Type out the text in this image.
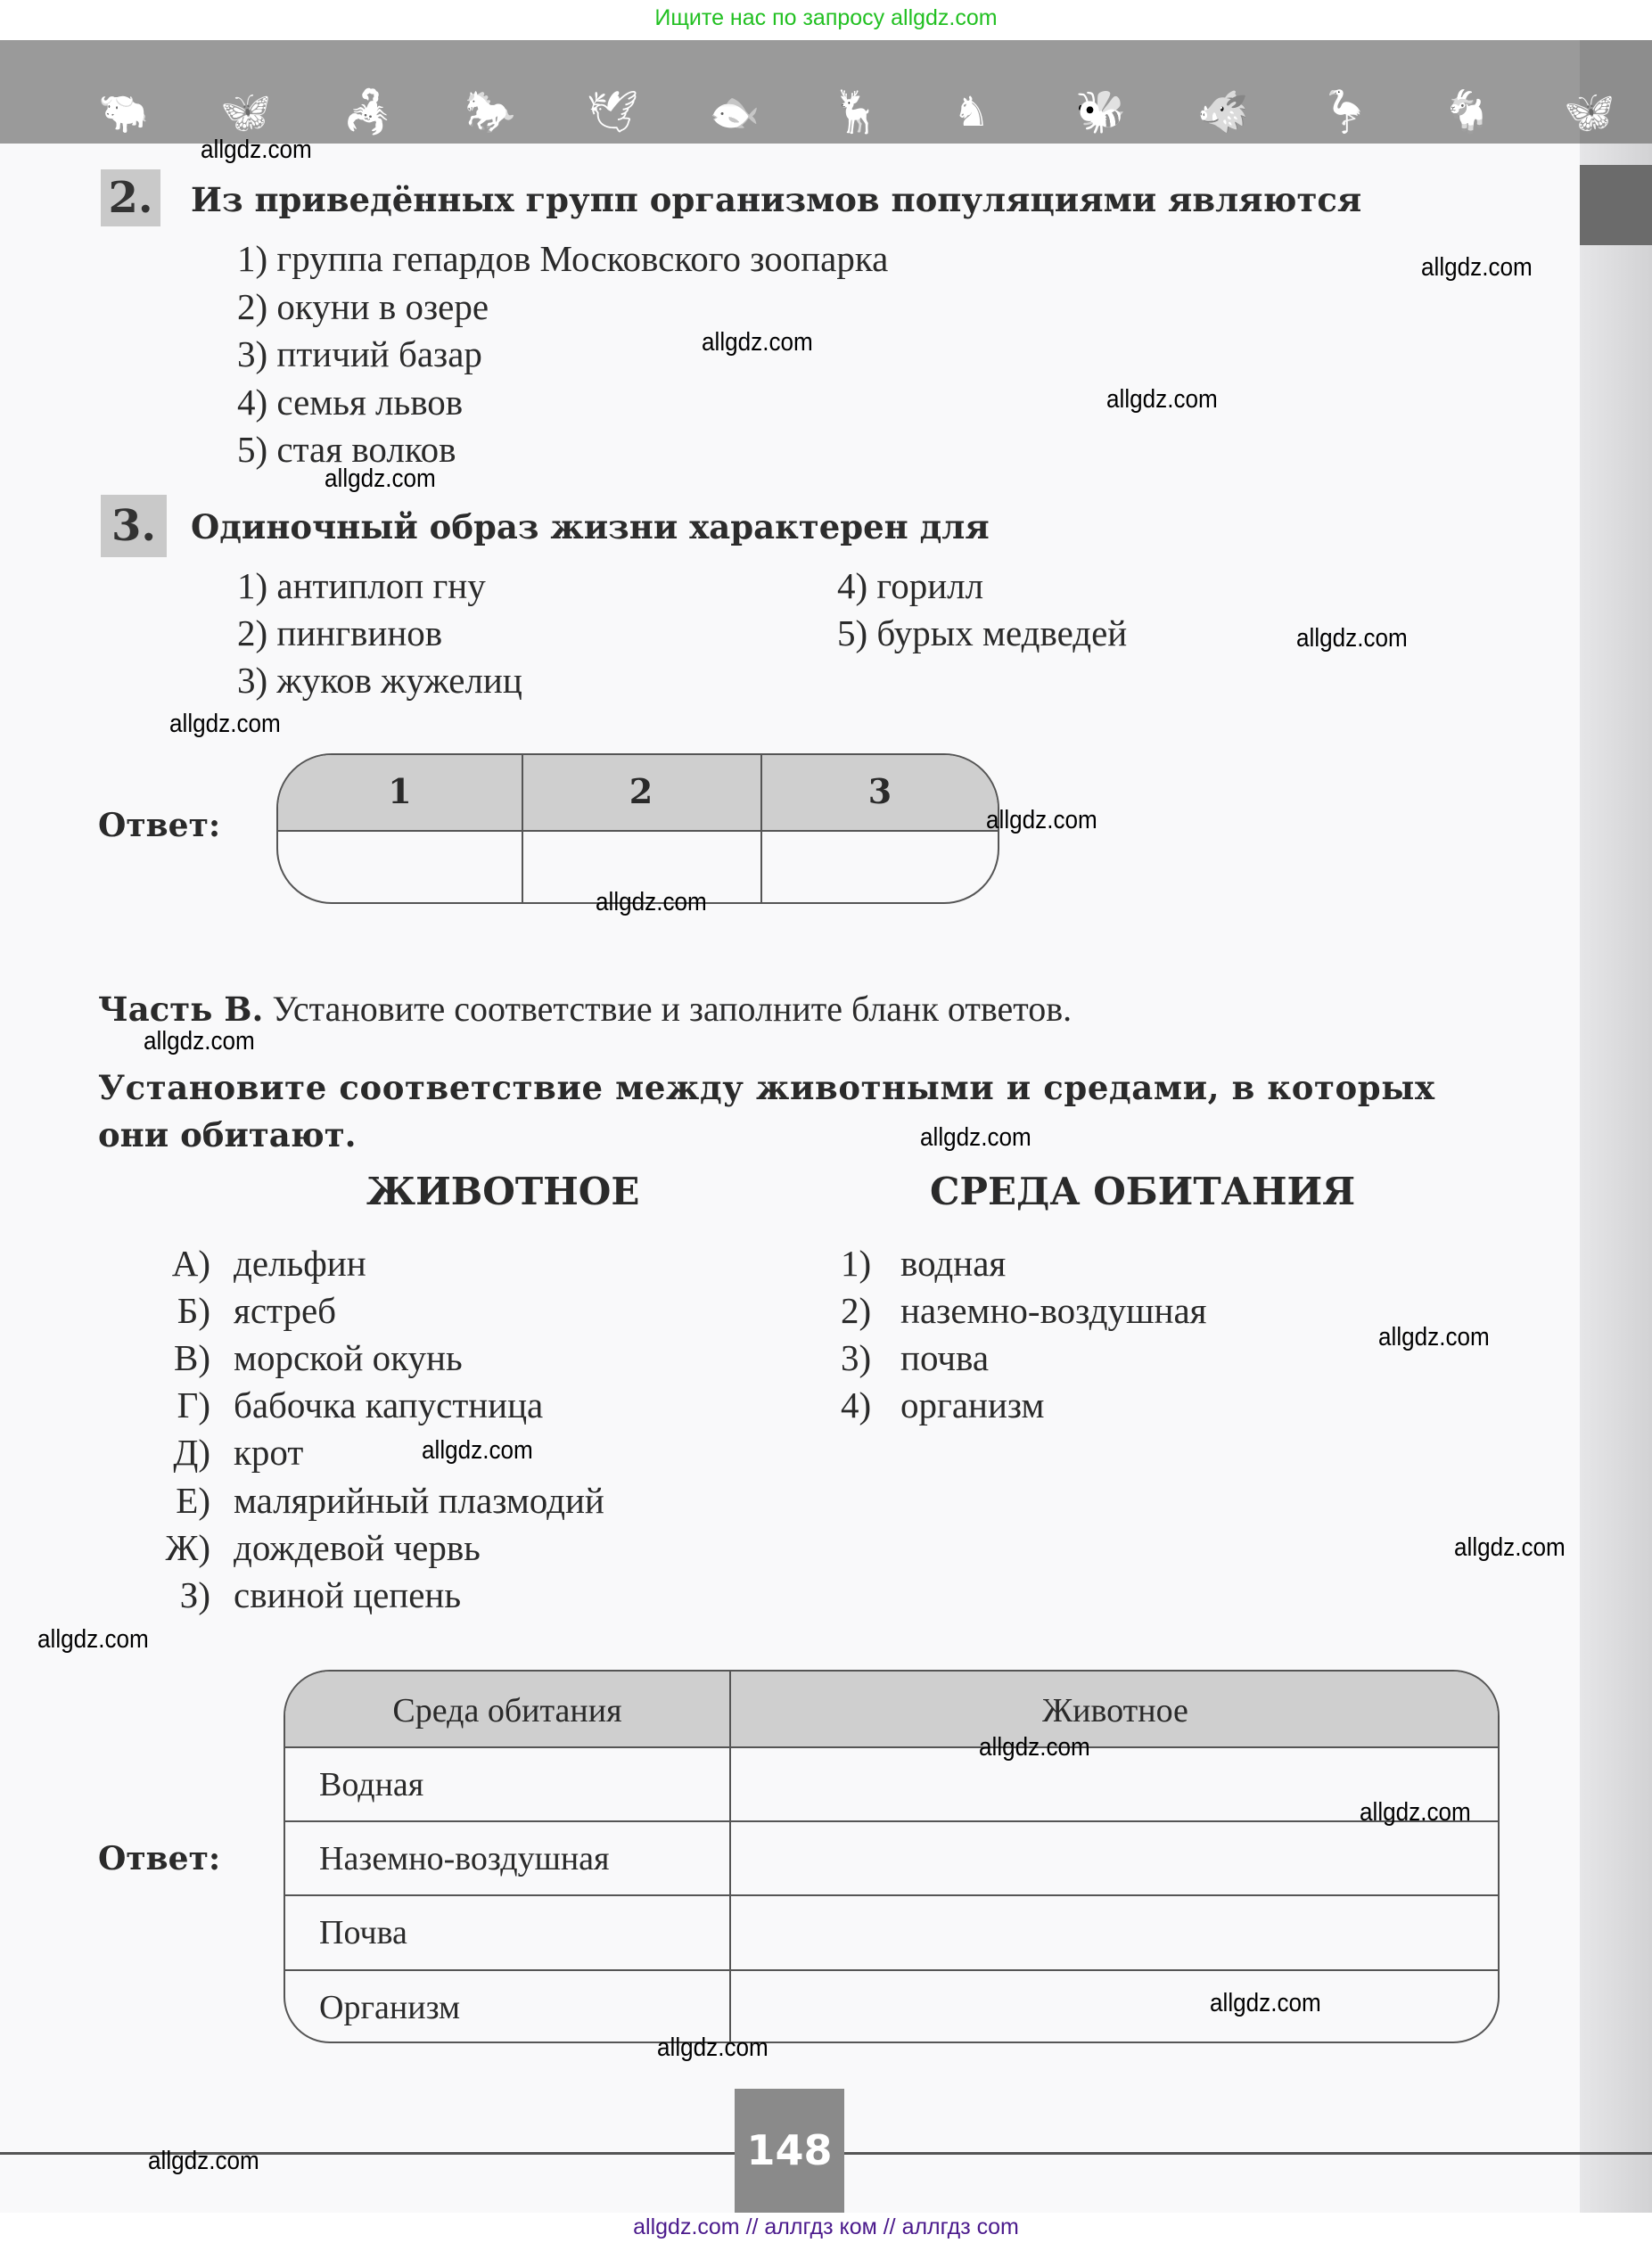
Ищите нас по запросу allgdz.com
🐃 🦋 🦂 🐎 🕊 🐟 🦌 ♞ 🐝 🐗 🦩 🐐 🦋
2. Из приведённых групп организмов популяциями являются
1) группа гепардов Московского зоопарка
2) окуни в озере
3) птичий базар
4) семья львов
5) стая волков
3.	Одиночный образ жизни характерен для
1) антиплоп гну
2) пингвинов
3) жуков жужелиц
4) горилл
5) бурых медведей
Ответ:
1	2	3
Часть В. Установите соответствие и заполните бланк ответов.
Установите соответствие между животными и средами, в которых
они обитают.
ЖИВОТНОЕ	СРЕДА ОБИТАНИЯ
А) дельфин
Б) ястреб
В) морской окунь
Г) бабочка капустница
Д) крот
Е) малярийный плазмодий
Ж) дождевой червь
З) свиной цепень
1) водная
2) наземно-воздушная
3) почва
4) организм
Ответ:
Среда обитания	Животное
Водная
Наземно-воздушная
Почва
Организм
148
allgdz.com // аллгдз ком // аллгдз com
allgdz.com
allgdz.com
allgdz.com
allgdz.com
allgdz.com
allgdz.com
allgdz.com
allgdz.com
allgdz.com
allgdz.com
allgdz.com
allgdz.com
allgdz.com
allgdz.com
allgdz.com
allgdz.com
allgdz.com
allgdz.com
allgdz.com
allgdz.com
